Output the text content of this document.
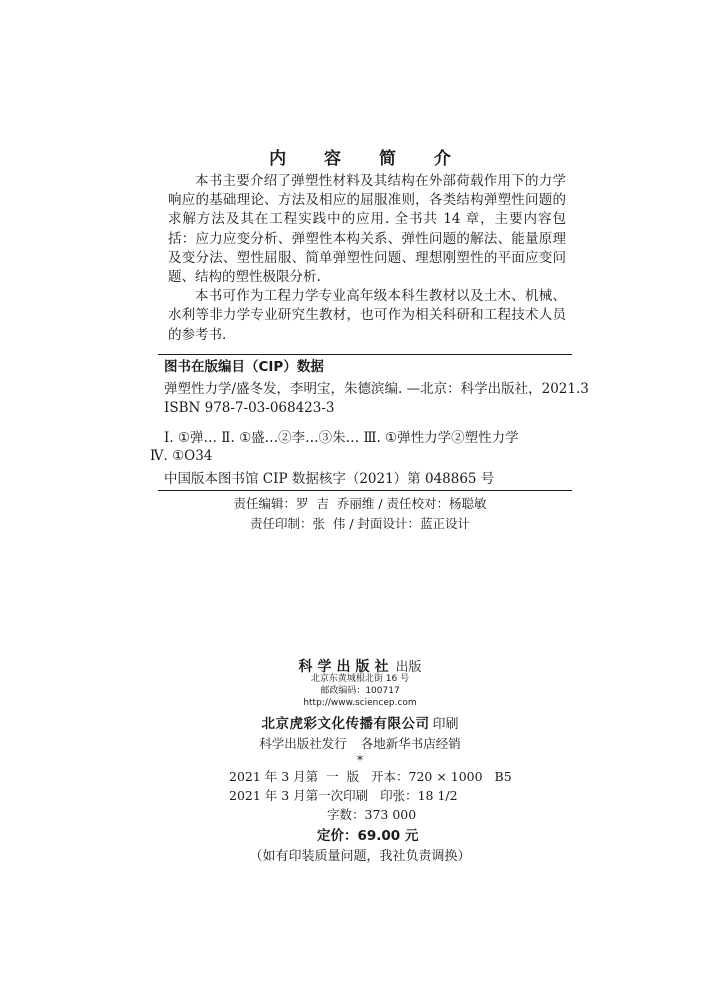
内 容 简 介

本书主要介绍了弹塑性材料及其结构在外部荷载作用下的力学响应的基础理论、方法及相应的屈服准则，各类结构弹塑性问题的求解方法及其在工程实践中的应用. 全书共 14 章，主要内容包括：应力应变分析、弹塑性本构关系、弹性问题的解法、能量原理及变分法、塑性屈服、简单弹塑性问题、理想刚塑性的平面应变问题、结构的塑性极限分析.

本书可作为工程力学专业高年级本科生教材以及土木、机械、水利等非力学专业研究生教材，也可作为相关科研和工程技术人员的参考书.

图书在版编目（CIP）数据
弹塑性力学/盛冬发，李明宝，朱德滨编. —北京：科学出版社，2021.3
ISBN 978-7-03-068423-3
Ⅰ. ①弹… Ⅱ. ①盛…②李…③朱… Ⅲ. ①弹性力学②塑性力学
Ⅳ. ①O34
中国版本图书馆 CIP 数据核字（2021）第 048865 号
责任编辑：罗  吉  乔丽维 / 责任校对：杨聪敏
责任印制：张  伟 / 封面设计：蓝正设计
科学出版社 出版
北京东黄城根北街 16 号
邮政编码：100717
http://www.sciencep.com
北京虎彩文化传播有限公司 印刷
科学出版社发行 各地新华书店经销
*
2021 年 3 月第  一  版   开本：720 × 1000   B5
2021 年 3 月第一次印刷   印张：18 1/2
字数：373 000
定价：69.00 元
（如有印装质量问题，我社负责调换）
